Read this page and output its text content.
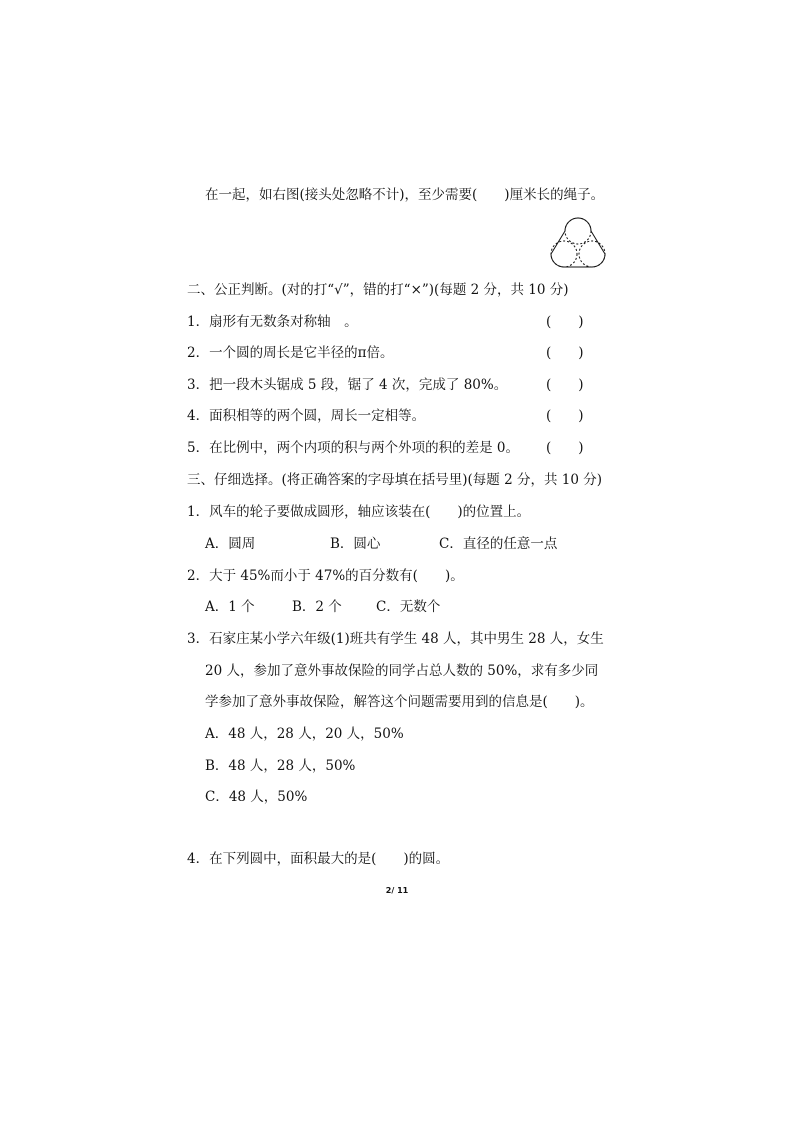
在一起，如右图(接头处忽略不计)，至少需要(　　)厘米长的绳子。
二、公正判断。(对的打“√”，错的打“×”)(每题 2 分，共 10 分)
1．扇形有无数条对称轴　。	(　　)
2．一个圆的周长是它半径的π倍。	(　　)
3．把一段木头锯成 5 段，锯了 4 次，完成了 80%。	(　　)
4．面积相等的两个圆，周长一定相等。	(　　)
5．在比例中，两个内项的积与两个外项的积的差是 0。 (　　)
三、仔细选择。(将正确答案的字母填在括号里)(每题 2 分，共 10 分)
1．风车的轮子要做成圆形，轴应该装在(　　)的位置上。
A．圆周	B．圆心	C．直径的任意一点
2．大于 45%而小于 47%的百分数有(　　)。
A．1 个	B．2 个	C．无数个
3．石家庄某小学六年级(1)班共有学生 48 人，其中男生 28 人，女生
20 人，参加了意外事故保险的同学占总人数的 50%，求有多少同
学参加了意外事故保险，解答这个问题需要用到的信息是(　　)。
A．48 人，28 人，20 人，50%
B．48 人，28 人，50%
C．48 人，50%
4．在下列圆中，面积最大的是(　　)的圆。
2/ 11
